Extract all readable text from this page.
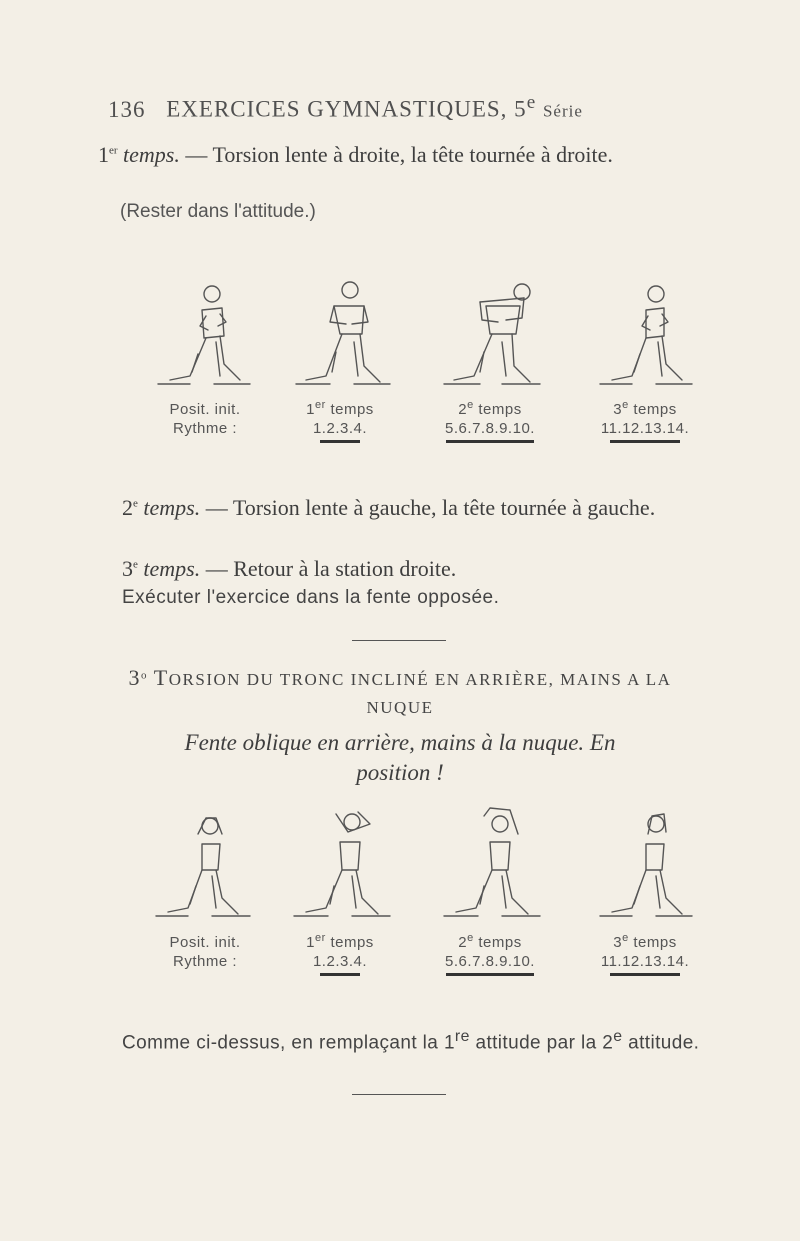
136 EXERCICES GYMNASTIQUES, 5e Série
1er temps. — Torsion lente à droite, la tête tournée à droite.
(Rester dans l'attitude.)
Posit. init.
Rythme :
1er temps
1.2.3.4.
2e temps
5.6.7.8.9.10.
3e temps
11.12.13.14.
2e temps. — Torsion lente à gauche, la tête tournée à gauche.
3e temps. — Retour à la station droite.
Exécuter l'exercice dans la fente opposée.
3$^o$ TORSION DU TRONC INCLINÉ EN ARRIÈRE, MAINS A LA
NUQUE
Fente oblique en arrière, mains à la nuque. En
position !
Posit. init.
Rythme :
1er temps
1.2.3.4.
2e temps
5.6.7.8.9.10.
3e temps
11.12.13.14.
Comme ci-dessus, en remplaçant la 1re attitude par la 2e attitude.
